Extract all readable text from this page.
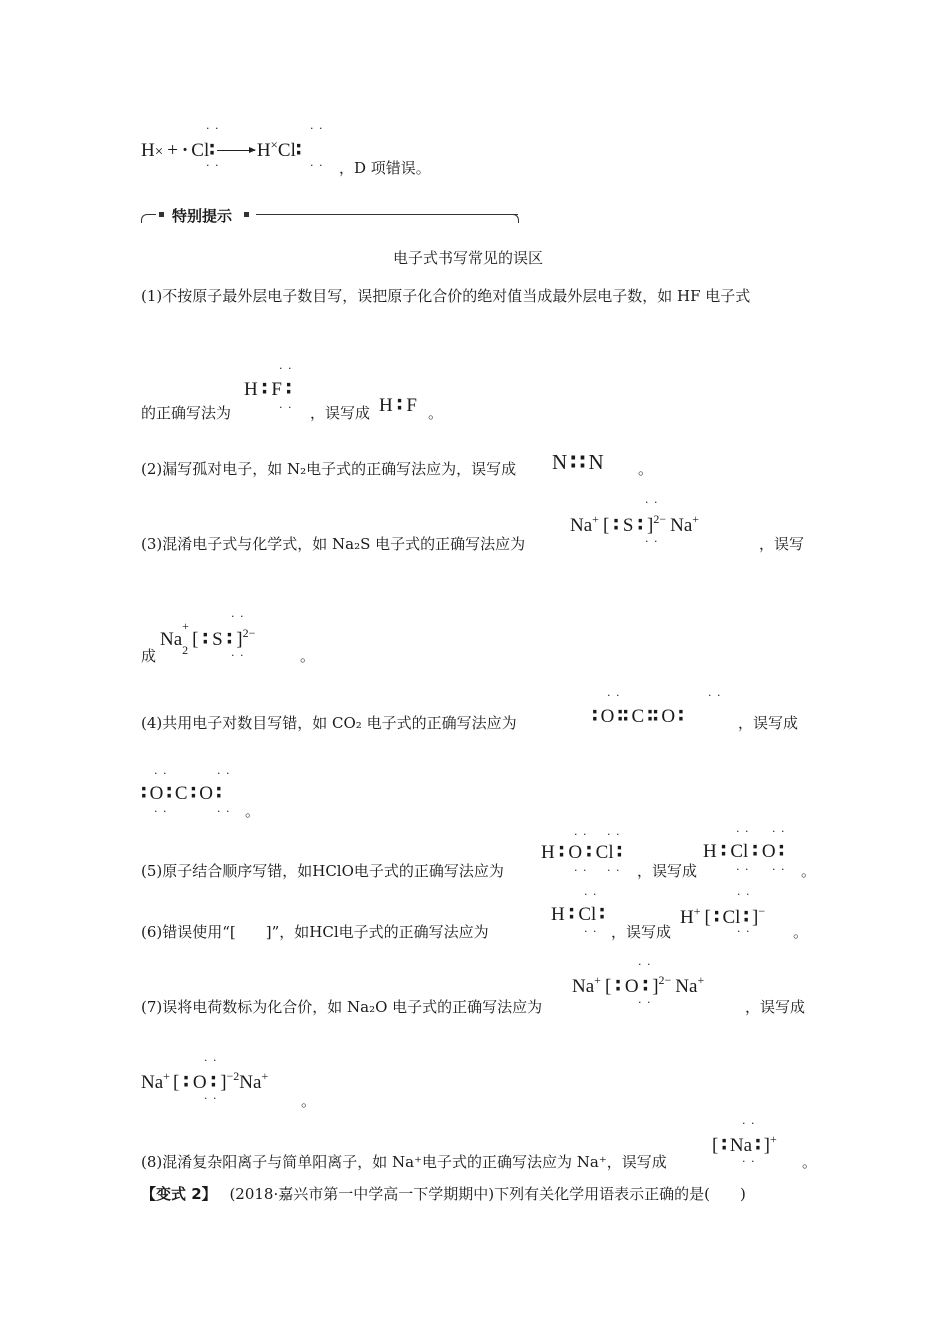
H× + · Cl∶ → H×Cl∶
· ·
· ·
· ·
· · ，D 项错误。
特别提示
电子式书写常见的误区
(1)不按原子最外层电子数目写，误把原子化合价的绝对值当成最外层电子数，如 HF 电子式
的正确写法为
H ∶ F ∶
· ·
· · ，误写成 H ∶ F 。
(2)漏写孤对电子，如 N₂电子式的正确写法应为，误写成 N ∶ ∶ N 。
(3)混淆电子式与化学式，如 Na₂S 电子式的正确写法应为
Na+ [ ∶ S ∶ ]$^{2-}$ Na+
· ·
· ·	，误写
成
Na
+
$_2$ [ ∶ S ∶ ]$^{2-}$
· ·
· ·	。
(4)共用电子对数目写错，如 CO₂ 电子式的正确写法应为	∶ O ∶∶ C ∶∶ O ∶
· ·	· ·
，误写成
∶ O ∶ C ∶ O ∶
· ·	· ·
· ·	· · 。
(5)原子结合顺序写错，如HClO电子式的正确写法应为
H ∶ O ∶ Cl ∶
· · · ·
· · · · ，误写成
H ∶ Cl ∶ O ∶
· · · ·
· · · · 。
(6)错误使用“[　　]”，如HCl电子式的正确写法应为
H ∶ Cl ∶
· ·
· · ，误写成
H+ [ ∶ Cl ∶ ]−
· ·
· ·	。
(7)误将电荷数标为化合价，如 Na₂O 电子式的正确写法应为
Na+ [ ∶ O ∶ ]$^{2-}$ Na+
· ·
· ·	，误写成
Na+ [ ∶ O ∶ ]$^{-2}$Na+
· ·
· ·	。
(8)混淆复杂阳离子与简单阳离子，如 Na⁺电子式的正确写法应为 Na⁺，误写成
[ ∶ Na ∶ ]+
· ·
· ·	。
【变式 2】 (2018·嘉兴市第一中学高一下学期期中)下列有关化学用语表示正确的是(　　)
